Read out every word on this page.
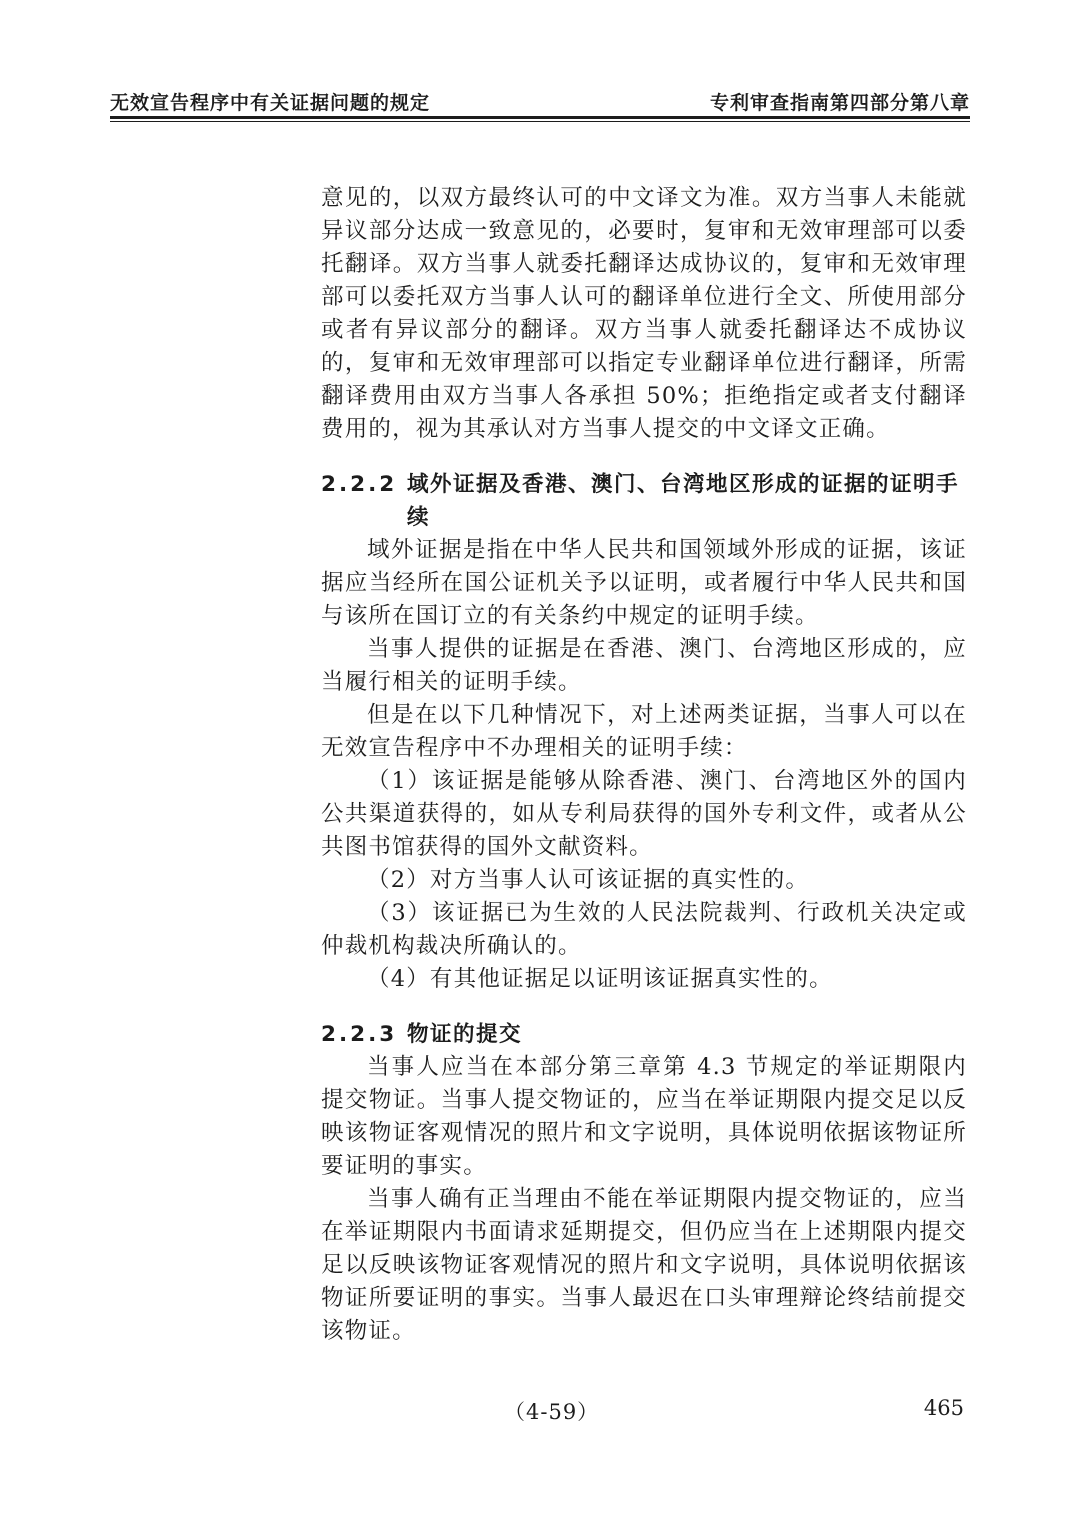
无效宣告程序中有关证据问题的规定	专利审查指南第四部分第八章

意见的，以双方最终认可的中文译文为准。双方当事人未能就异议部分达成一致意见的，必要时，复审和无效审理部可以委托翻译。双方当事人就委托翻译达成协议的，复审和无效审理部可以委托双方当事人认可的翻译单位进行全文、所使用部分或者有异议部分的翻译。双方当事人就委托翻译达不成协议的，复审和无效审理部可以指定专业翻译单位进行翻译，所需翻译费用由双方当事人各承担 50%；拒绝指定或者支付翻译费用的，视为其承认对方当事人提交的中文译文正确。

2.2.2 域外证据及香港、澳门、台湾地区形成的证据的证明手续

域外证据是指在中华人民共和国领域外形成的证据，该证据应当经所在国公证机关予以证明，或者履行中华人民共和国与该所在国订立的有关条约中规定的证明手续。

当事人提供的证据是在香港、澳门、台湾地区形成的，应当履行相关的证明手续。

但是在以下几种情况下，对上述两类证据，当事人可以在无效宣告程序中不办理相关的证明手续：

（1）该证据是能够从除香港、澳门、台湾地区外的国内公共渠道获得的，如从专利局获得的国外专利文件，或者从公共图书馆获得的国外文献资料。

（2）对方当事人认可该证据的真实性的。

（3）该证据已为生效的人民法院裁判、行政机关决定或仲裁机构裁决所确认的。

（4）有其他证据足以证明该证据真实性的。

2.2.3 物证的提交

当事人应当在本部分第三章第 4.3 节规定的举证期限内提交物证。当事人提交物证的，应当在举证期限内提交足以反映该物证客观情况的照片和文字说明，具体说明依据该物证所要证明的事实。

当事人确有正当理由不能在举证期限内提交物证的，应当在举证期限内书面请求延期提交，但仍应当在上述期限内提交足以反映该物证客观情况的照片和文字说明，具体说明依据该物证所要证明的事实。当事人最迟在口头审理辩论终结前提交该物证。

（4-59）	465
